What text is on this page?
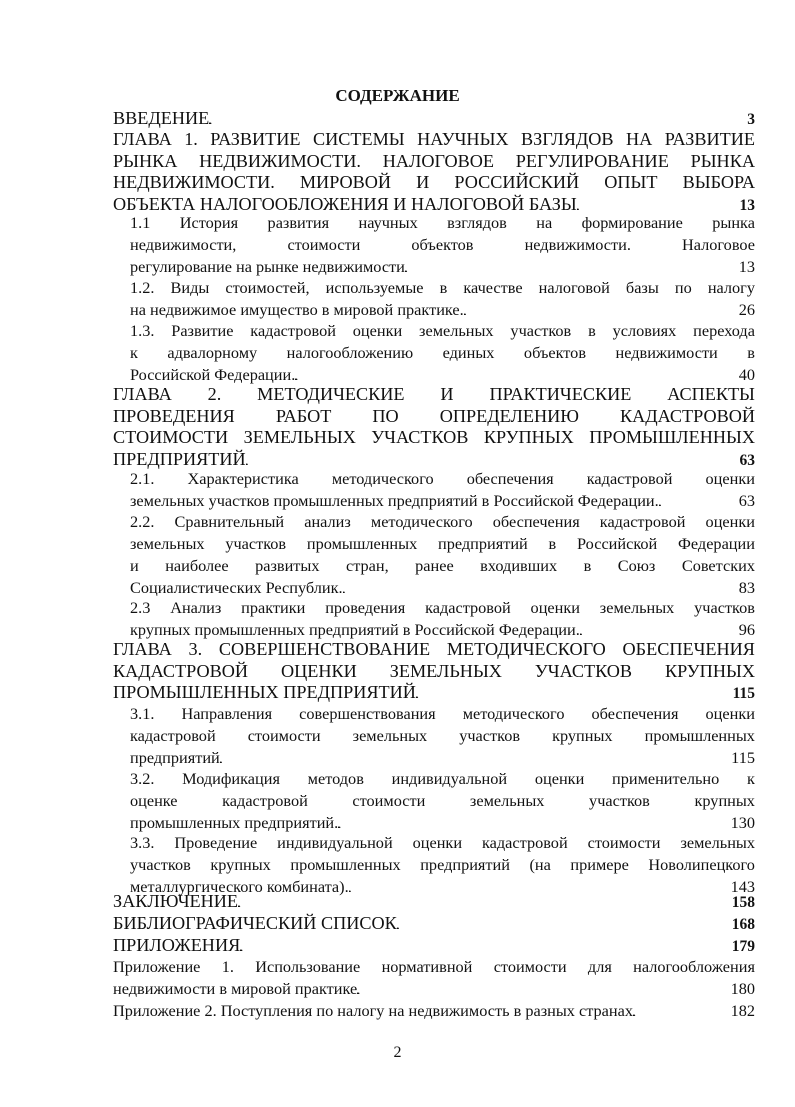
СОДЕРЖАНИЕ
ВВЕДЕНИЕ . . .	3
ГЛАВА 1. РАЗВИТИЕ СИСТЕМЫ НАУЧНЫХ ВЗГЛЯДОВ НА РАЗВИТИЕ
РЫНКА НЕДВИЖИМОСТИ. НАЛОГОВОЕ РЕГУЛИРОВАНИЕ РЫНКА
НЕДВИЖИМОСТИ. МИРОВОЙ И РОССИЙСКИЙ ОПЫТ ВЫБОРА
ОБЪЕКТА НАЛОГООБЛОЖЕНИЯ И НАЛОГОВОЙ БАЗЫ . . .	13
1.1 История развития научных взглядов на формирование рынка
недвижимости,	стоимости	объектов	недвижимости.	Налоговое
регулирование на рынке недвижимости . . .	13
1.2. Виды стоимостей, используемые в качестве налоговой базы по налогу
на недвижимое имущество в мировой практике. . . .	26
1.3. Развитие кадастровой оценки земельных участков в условиях перехода
к адвалорному налогообложению единых объектов недвижимости в
Российской Федерации. . . .	40
ГЛАВА 2. МЕТОДИЧЕСКИЕ И ПРАКТИЧЕСКИЕ АСПЕКТЫ
ПРОВЕДЕНИЯ РАБОТ ПО ОПРЕДЕЛЕНИЮ КАДАСТРОВОЙ
СТОИМОСТИ ЗЕМЕЛЬНЫХ УЧАСТКОВ КРУПНЫХ ПРОМЫШЛЕННЫХ
ПРЕДПРИЯТИЙ . . .	63
2.1. Характеристика методического обеспечения кадастровой оценки
земельных участков промышленных предприятий в Российской Федерации. . . .	63
2.2. Сравнительный анализ методического обеспечения кадастровой оценки
земельных участков промышленных предприятий в Российской Федерации
и наиболее развитых стран, ранее входивших в Союз Советских
Социалистических Республик. . . .	83
2.3 Анализ практики проведения кадастровой оценки земельных участков
крупных промышленных предприятий в Российской Федерации. . . .	96
ГЛАВА 3. СОВЕРШЕНСТВОВАНИЕ МЕТОДИЧЕСКОГО ОБЕСПЕЧЕНИЯ
КАДАСТРОВОЙ ОЦЕНКИ ЗЕМЕЛЬНЫХ УЧАСТКОВ КРУПНЫХ
ПРОМЫШЛЕННЫХ ПРЕДПРИЯТИЙ . . .	115
3.1. Направления совершенствования методического обеспечения оценки
кадастровой стоимости земельных участков крупных промышленных
предприятий . . .	115
3.2. Модификация методов индивидуальной оценки применительно к
оценке	кадастровой	стоимости	земельных	участков	крупных
промышленных предприятий. . . .	130
3.3. Проведение индивидуальной оценки кадастровой стоимости земельных
участков крупных промышленных предприятий (на примере Новолипецкого
металлургического комбината). . . .	143
ЗАКЛЮЧЕНИЕ . . .	158
БИБЛИОГРАФИЧЕСКИЙ СПИСОК . . .	168
ПРИЛОЖЕНИЯ . . .	179
Приложение 1. Использование нормативной стоимости для налогообложения
недвижимости в мировой практике . . .	180
Приложение 2. Поступления по налогу на недвижимость в разных странах . . .	182
2
